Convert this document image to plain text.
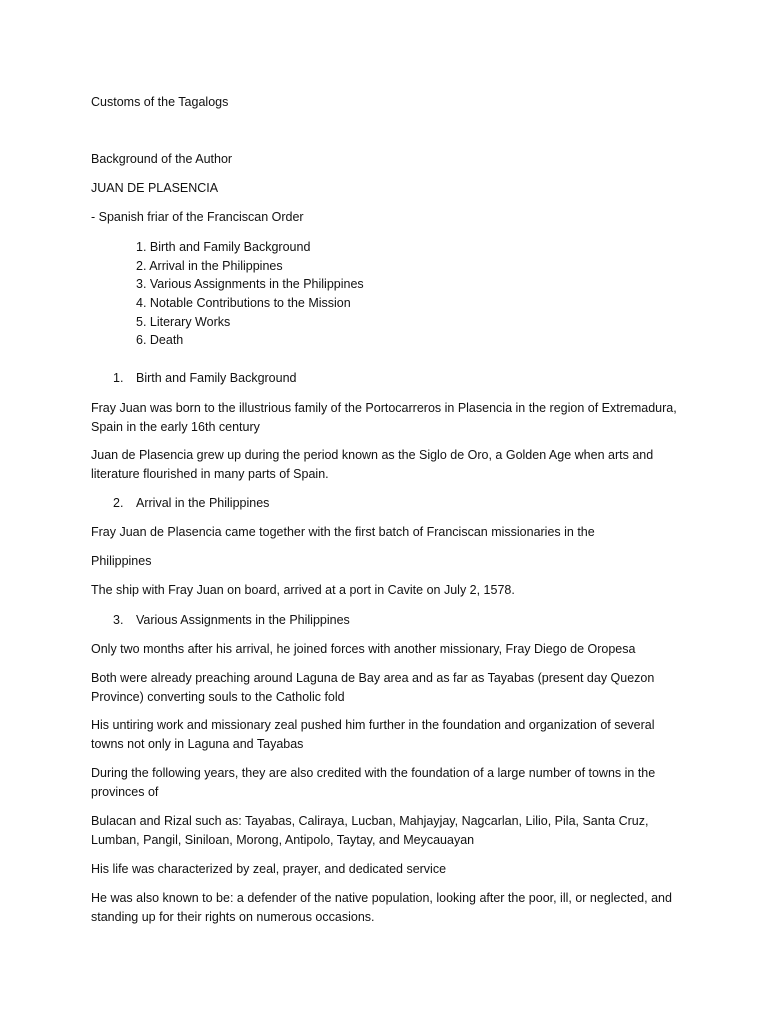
Customs of the Tagalogs
Background of the Author
JUAN DE PLASENCIA
- Spanish friar of the Franciscan Order
1. Birth and Family Background
2. Arrival in the Philippines
3. Various Assignments in the Philippines
4. Notable Contributions to the Mission
5. Literary Works
6. Death
1. Birth and Family Background
Fray Juan was born to the illustrious family of the Portocarreros in Plasencia in the region of Extremadura, Spain in the early 16th century
Juan de Plasencia grew up during the period known as the Siglo de Oro, a Golden Age when arts and literature flourished in many parts of Spain.
2. Arrival in the Philippines
Fray Juan de Plasencia came together with the first batch of Franciscan missionaries in the
Philippines
The ship with Fray Juan on board, arrived at a port in Cavite on July 2, 1578.
3. Various Assignments in the Philippines
Only two months after his arrival, he joined forces with another missionary, Fray Diego de Oropesa
Both were already preaching around Laguna de Bay area and as far as Tayabas (present day Quezon Province) converting souls to the Catholic fold
His untiring work and missionary zeal pushed him further in the foundation and organization of several towns not only in Laguna and Tayabas
During the following years, they are also credited with the foundation of a large number of towns in the provinces of
Bulacan and Rizal such as: Tayabas, Caliraya, Lucban, Mahjayjay, Nagcarlan, Lilio, Pila, Santa Cruz, Lumban, Pangil, Siniloan, Morong, Antipolo, Taytay, and Meycauayan
His life was characterized by zeal, prayer, and dedicated service
He was also known to be: a defender of the native population, looking after the poor, ill, or neglected, and standing up for their rights on numerous occasions.
